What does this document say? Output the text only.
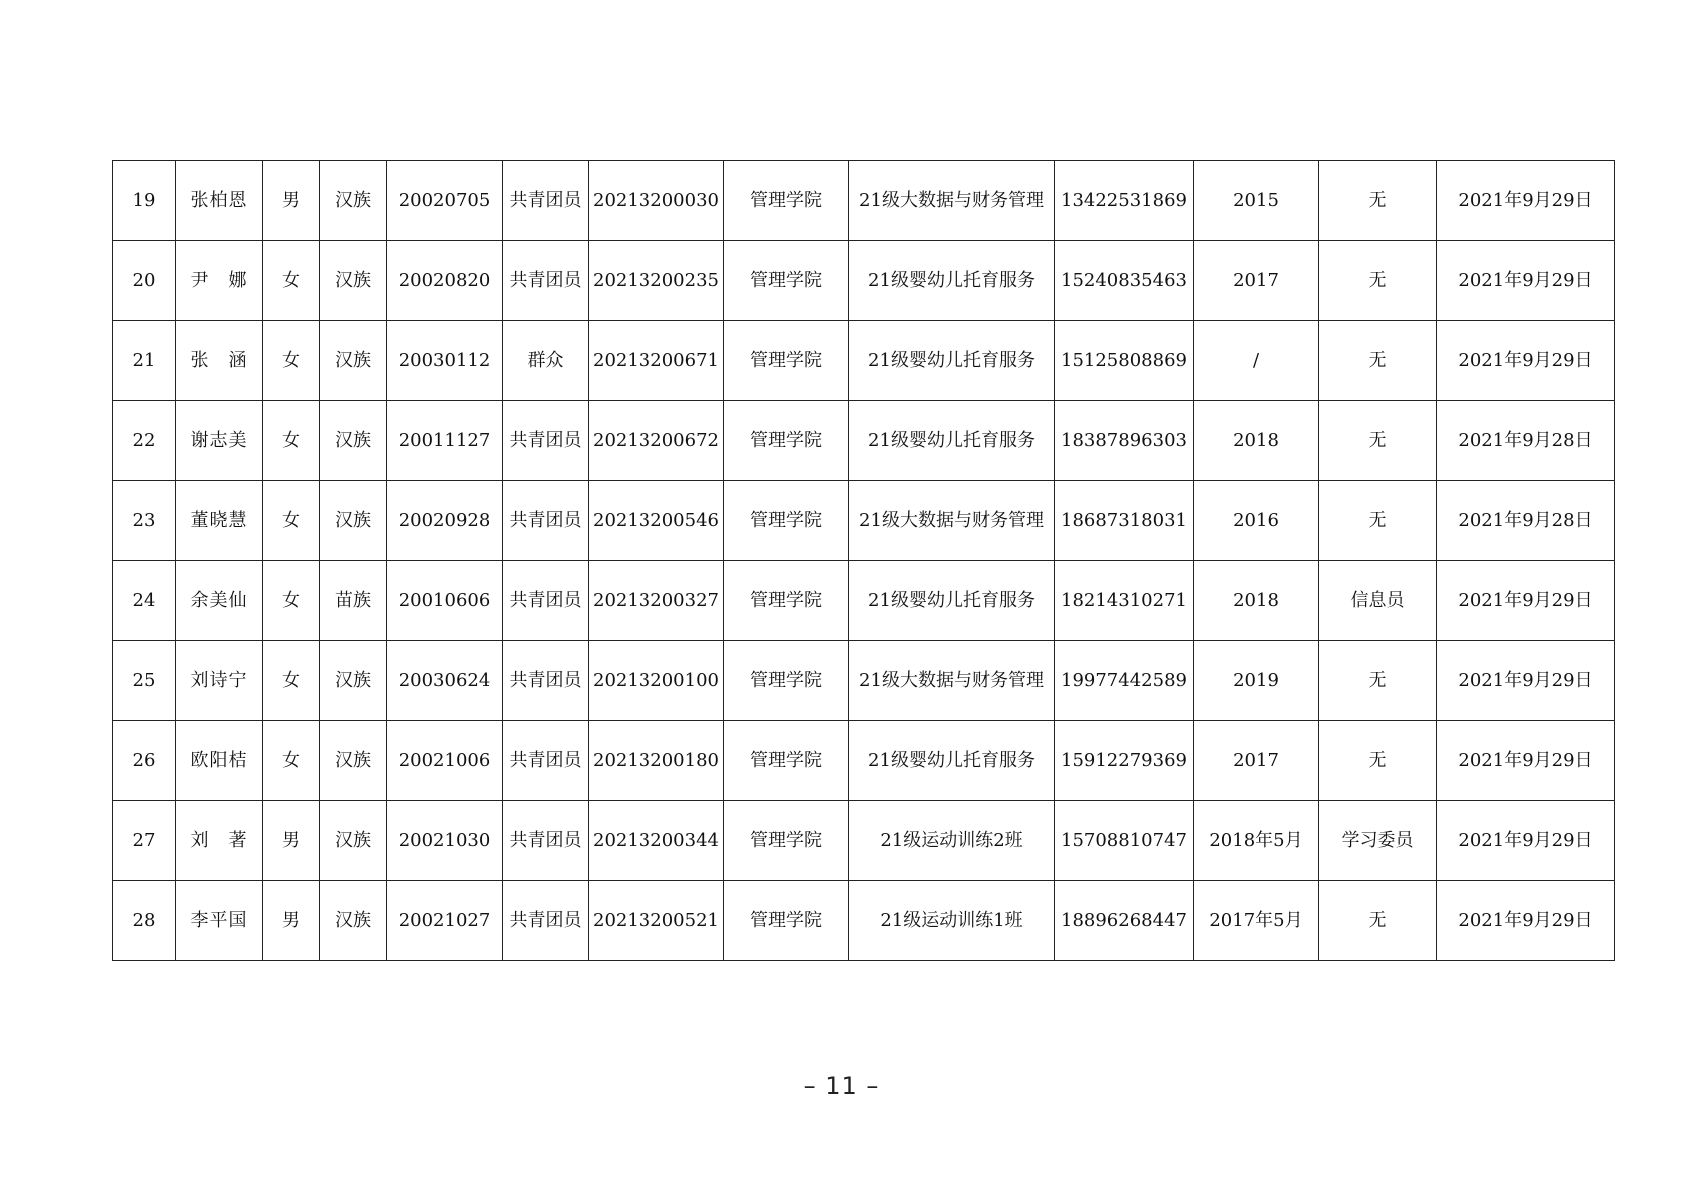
19	张柏恩	男	汉族	20020705	共青团员	20213200030	管理学院	21级大数据与财务管理	13422531869	2015	无	2021年9月29日
20	尹　娜	女	汉族	20020820	共青团员	20213200235	管理学院	21级婴幼儿托育服务	15240835463	2017	无	2021年9月29日
21	张　涵	女	汉族	20030112	群众	20213200671	管理学院	21级婴幼儿托育服务	15125808869	/	无	2021年9月29日
22	谢志美	女	汉族	20011127	共青团员	20213200672	管理学院	21级婴幼儿托育服务	18387896303	2018	无	2021年9月28日
23	董晓慧	女	汉族	20020928	共青团员	20213200546	管理学院	21级大数据与财务管理	18687318031	2016	无	2021年9月28日
24	余美仙	女	苗族	20010606	共青团员	20213200327	管理学院	21级婴幼儿托育服务	18214310271	2018	信息员	2021年9月29日
25	刘诗宁	女	汉族	20030624	共青团员	20213200100	管理学院	21级大数据与财务管理	19977442589	2019	无	2021年9月29日
26	欧阳桔	女	汉族	20021006	共青团员	20213200180	管理学院	21级婴幼儿托育服务	15912279369	2017	无	2021年9月29日
27	刘　著	男	汉族	20021030	共青团员	20213200344	管理学院	21级运动训练2班	15708810747	2018年5月	学习委员	2021年9月29日
28	李平国	男	汉族	20021027	共青团员	20213200521	管理学院	21级运动训练1班	18896268447	2017年5月	无	2021年9月29日
– 11 –
